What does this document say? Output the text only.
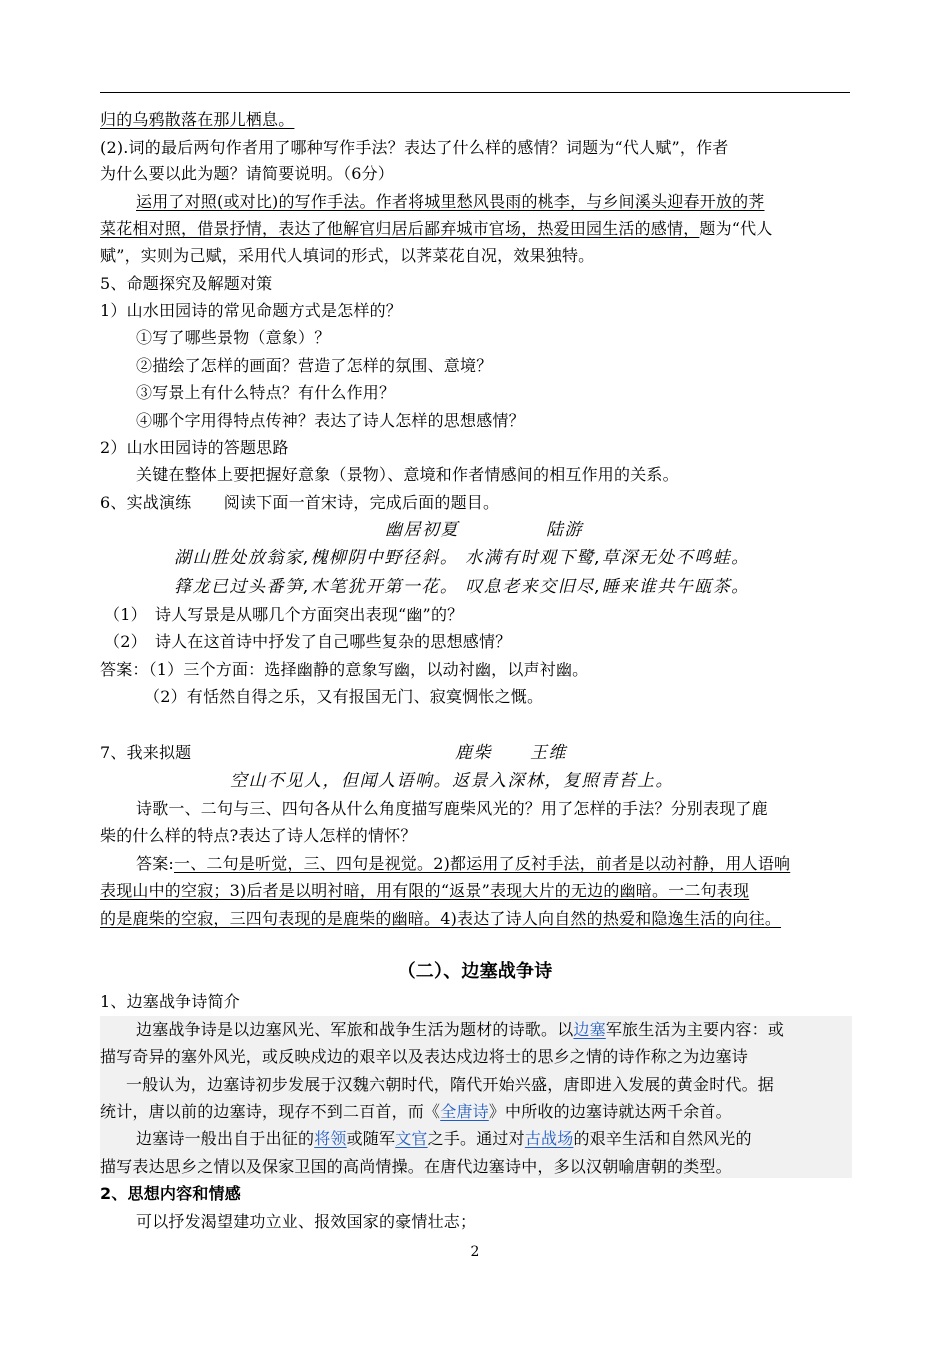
归的乌鸦散落在那儿栖息。
(2).词的最后两句作者用了哪种写作手法？表达了什么样的感情？词题为“代人赋”，作者
为什么要以此为题？请简要说明。（6分）
运用了对照(或对比)的写作手法。作者将城里愁风畏雨的桃李，与乡间溪头迎春开放的荠
菜花相对照，借景抒情，表达了他解官归居后鄙弃城市官场，热爱田园生活的感情，题为“代人
赋”，实则为己赋，采用代人填词的形式，以荠菜花自况，效果独特。
5、命题探究及解题对策
1）山水田园诗的常见命题方式是怎样的？
①写了哪些景物（意象）？
②描绘了怎样的画面？营造了怎样的氛围、意境？
③写景上有什么特点？有什么作用？
④哪个字用得特点传神？表达了诗人怎样的思想感情？
2）山水田园诗的答题思路
关键在整体上要把握好意象（景物）、意境和作者情感间的相互作用的关系。
6、实战演练　　阅读下面一首宋诗，完成后面的题目。
幽居初夏	陆游
湖山胜处放翁家,槐柳阴中野径斜。 水满有时观下鹭,草深无处不鸣蛙。
箨龙已过头番笋,木笔犹开第一花。 叹息老来交旧尽,睡来谁共午瓯茶。
（1）　诗人写景是从哪几个方面突出表现“幽”的？
（2）　诗人在这首诗中抒发了自己哪些复杂的思想感情？
答案：（1）三个方面：选择幽静的意象写幽，以动衬幽，以声衬幽。
（2）有恬然自得之乐，又有报国无门、寂寞惆怅之慨。
7、我来拟题	鹿柴	王维
空山不见人，但闻人语响。返景入深林，复照青苔上。
诗歌一、二句与三、四句各从什么角度描写鹿柴风光的？用了怎样的手法？分别表现了鹿
柴的什么样的特点?表达了诗人怎样的情怀？
答案:一、二句是听觉，三、四句是视觉。2)都运用了反衬手法，前者是以动衬静，用人语响
表现山中的空寂；3)后者是以明衬暗，用有限的“返景”表现大片的无边的幽暗。一二句表现
的是鹿柴的空寂，三四句表现的是鹿柴的幽暗。4)表达了诗人向自然的热爱和隐逸生活的向往。
（二）、边塞战争诗
1、边塞战争诗简介
边塞战争诗是以边塞风光、军旅和战争生活为题材的诗歌。以边塞军旅生活为主要内容：或
描写奇异的塞外风光，或反映戍边的艰辛以及表达戍边将士的思乡之情的诗作称之为边塞诗
一般认为，边塞诗初步发展于汉魏六朝时代，隋代开始兴盛，唐即进入发展的黄金时代。据
统计，唐以前的边塞诗，现存不到二百首，而《全唐诗》中所收的边塞诗就达两千余首。
边塞诗一般出自于出征的将领或随军文官之手。通过对古战场的艰辛生活和自然风光的
描写表达思乡之情以及保家卫国的高尚情操。在唐代边塞诗中，多以汉朝喻唐朝的类型。
2、思想内容和情感
可以抒发渴望建功立业、报效国家的豪情壮志；
2
